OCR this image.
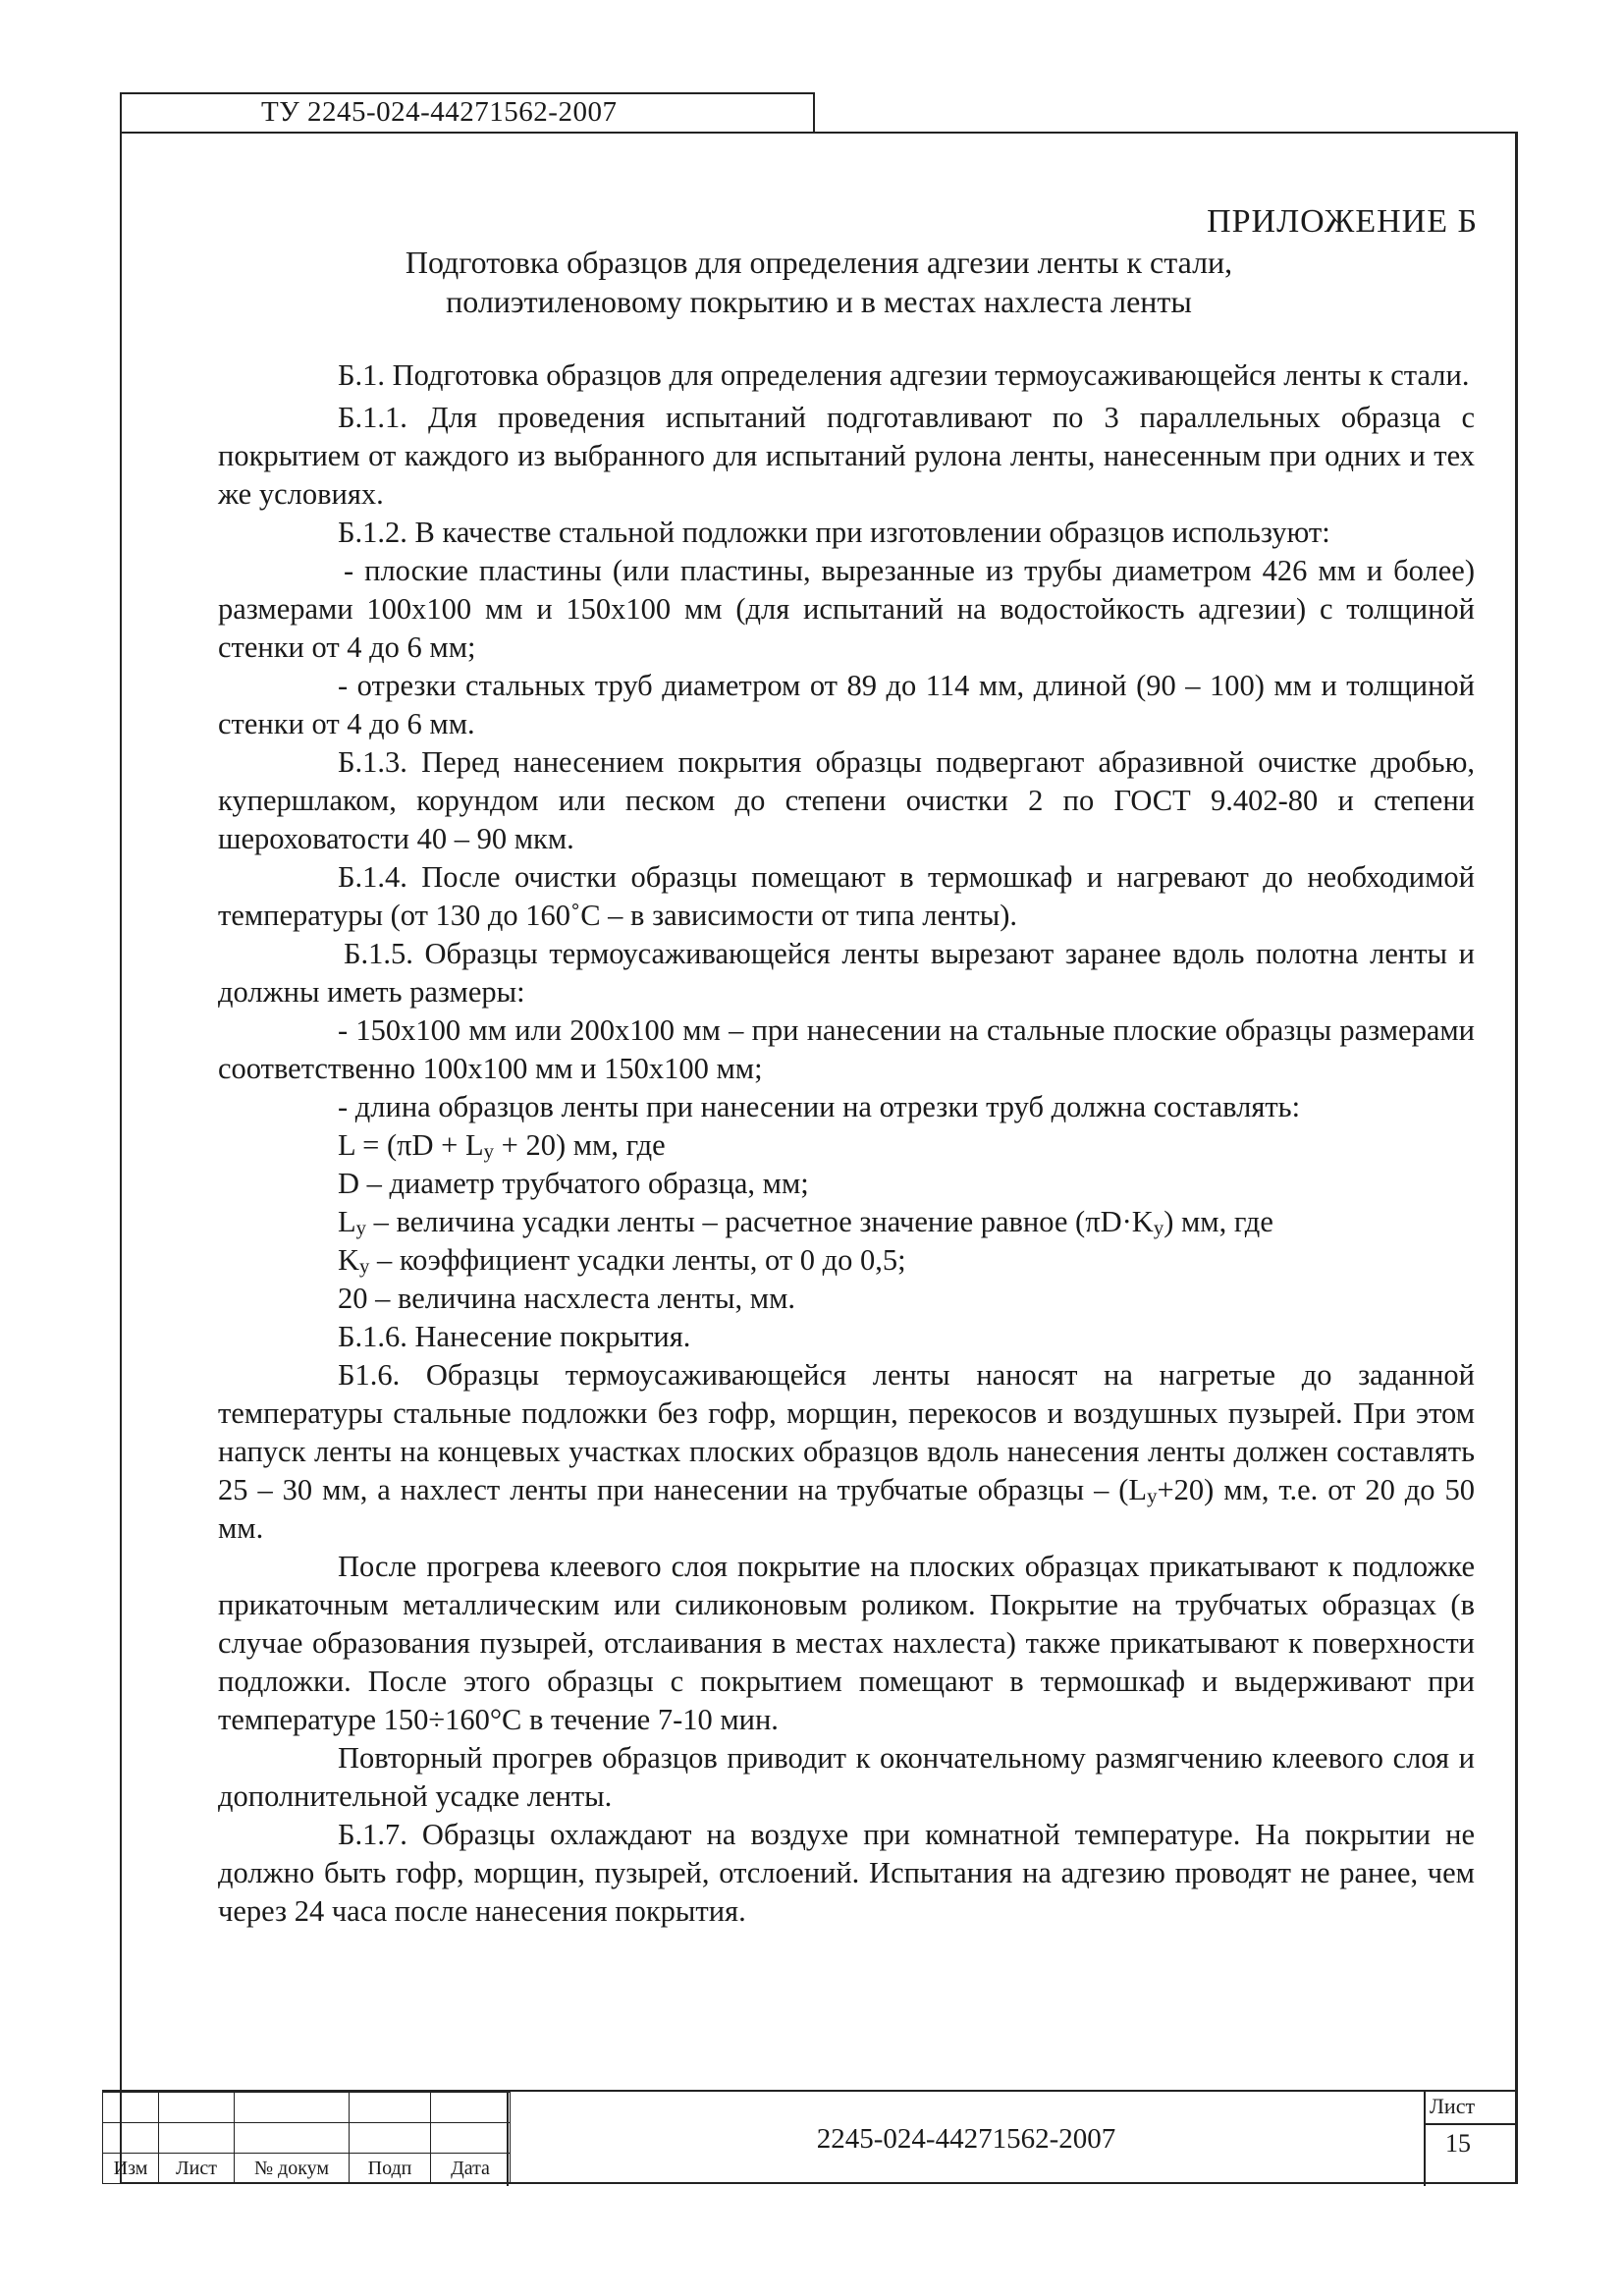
ТУ 2245-024-44271562-2007
ПРИЛОЖЕНИЕ Б
Подготовка образцов для определения адгезии ленты к стали,
полиэтиленовому покрытию и в местах нахлеста ленты

Б.1. Подготовка образцов для определения адгезии термоусаживающейся ленты к стали.

Б.1.1. Для проведения испытаний подготавливают по 3 параллельных образца с покрытием от каждого из выбранного для испытаний рулона ленты, нанесенным при одних и тех же условиях.

Б.1.2. В качестве стальной подложки при изготовлении образцов используют:

- плоские пластины (или пластины, вырезанные из трубы диаметром 426 мм и более) размерами 100х100 мм и 150х100 мм (для испытаний на водостойкость адгезии) с толщиной стенки от 4 до 6 мм;

- отрезки стальных труб диаметром от 89 до 114 мм, длиной (90 – 100) мм и толщиной стенки от 4 до 6 мм.

Б.1.3. Перед нанесением покрытия образцы подвергают абразивной очистке дробью, купершлаком, корундом или песком до степени очистки 2 по ГОСТ 9.402-80 и степени шероховатости 40 – 90 мкм.

Б.1.4. После очистки образцы помещают в термошкаф и нагревают до необходимой температуры (от 130 до 160˚С – в зависимости от типа ленты).

Б.1.5. Образцы термоусаживающейся ленты вырезают заранее вдоль полотна ленты и должны иметь размеры:

- 150х100 мм или 200х100 мм – при нанесении на стальные плоские образцы размерами соответственно 100х100 мм и 150х100 мм;

- длина образцов ленты при нанесении на отрезки труб должна составлять:

$L = (\pi D + L_y + 20)$ мм, где

D – диаметр трубчатого образца, мм;

$L_y$ – величина усадки ленты – расчетное значение равное $(\pi D\cdot K_y)$ мм, где

$K_y$ – коэффициент усадки ленты, от 0 до 0,5;

20 – величина насхлеста ленты, мм.

Б.1.6. Нанесение покрытия.

Б1.6. Образцы термоусаживающейся ленты наносят на нагретые до заданной температуры стальные подложки без гофр, морщин, перекосов и воздушных пузырей. При этом напуск ленты на концевых участках плоских образцов вдоль нанесения ленты должен составлять 25 – 30 мм, а нахлест ленты при нанесении на трубчатые образцы – $(L_y+20)$ мм, т.е. от 20 до 50 мм.

После прогрева клеевого слоя покрытие на плоских образцах прикатывают к подложке прикаточным металлическим или силиконовым роликом. Покрытие на трубчатых образцах (в случае образования пузырей, отслаивания в местах нахлеста) также прикатывают к поверхности подложки. После этого образцы с покрытием помещают в термошкаф и выдерживают при температуре 150÷160°С в течение 7-10 мин.

Повторный прогрев образцов приводит к окончательному размягчению клеевого слоя и дополнительной усадке ленты.

Б.1.7. Образцы охлаждают на воздухе при комнатной температуре. На покрытии не должно быть гофр, морщин, пузырей, отслоений. Испытания на адгезию проводят не ранее, чем через 24 часа после нанесения покрытия.

Изм	Лист	№ докум	Подп	Дата
2245-024-44271562-2007
Лист
15
